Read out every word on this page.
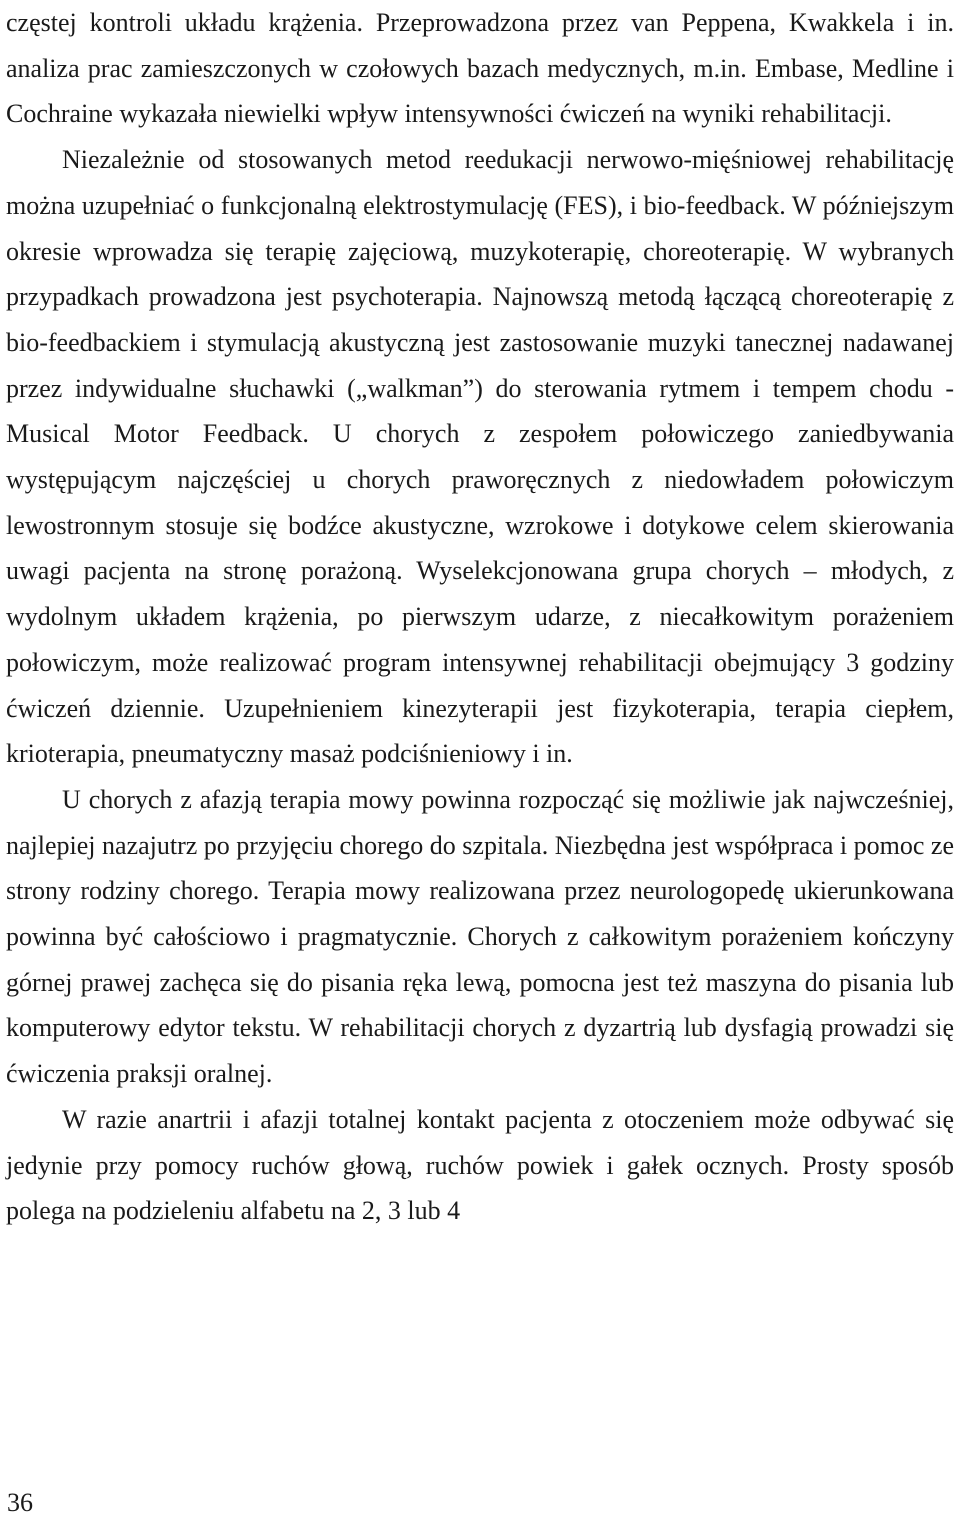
częstej kontroli układu krążenia. Przeprowadzona przez van Peppena, Kwakkela i in. analiza prac zamieszczonych w czołowych bazach medycznych, m.in. Embase, Medline i Cochraine wykazała niewielki wpływ intensywności ćwiczeń na wyniki rehabilitacji.

Niezależnie od stosowanych metod reedukacji nerwowo-mięśniowej rehabilitację można uzupełniać o funkcjonalną elektrostymulację (FES), i bio-feedback. W późniejszym okresie wprowadza się terapię zajęciową, muzykoterapię, choreoterapię. W wybranych przypadkach prowadzona jest psychoterapia. Najnowszą metodą łączącą choreoterapię z bio-feedbackiem i stymulacją akustyczną jest zastosowanie muzyki tanecznej nadawanej przez indywidualne słuchawki („walkman”) do sterowania rytmem i tempem chodu - Musical Motor Feedback. U chorych z zespołem połowiczego zaniedbywania występującym najczęściej u chorych praworęcznych z niedowładem połowiczym lewostronnym stosuje się bodźce akustyczne, wzrokowe i dotykowe celem skierowania uwagi pacjenta na stronę porażoną. Wyselekcjonowana grupa chorych – młodych, z wydolnym układem krążenia, po pierwszym udarze, z niecałkowitym porażeniem połowiczym, może realizować program intensywnej rehabilitacji obejmujący 3 godziny ćwiczeń dziennie. Uzupełnieniem kinezyterapii jest fizykoterapia, terapia ciepłem, krioterapia, pneumatyczny masaż podciśnieniowy i in.

U chorych z afazją terapia mowy powinna rozpocząć się możliwie jak najwcześniej, najlepiej nazajutrz po przyjęciu chorego do szpitala. Niezbędna jest współpraca i pomoc ze strony rodziny chorego. Terapia mowy realizowana przez neurologopedę ukierunkowana powinna być całościowo i pragmatycznie. Chorych z całkowitym porażeniem kończyny górnej prawej zachęca się do pisania ręka lewą, pomocna jest też maszyna do pisania lub komputerowy edytor tekstu. W rehabilitacji chorych z dyzartrią lub dysfagią prowadzi się ćwiczenia praksji oralnej.

W razie anartrii i afazji totalnej kontakt pacjenta z otoczeniem może odbywać się jedynie przy pomocy ruchów głową, ruchów powiek i gałek ocznych. Prosty sposób polega na podzieleniu alfabetu na 2, 3 lub 4

36
